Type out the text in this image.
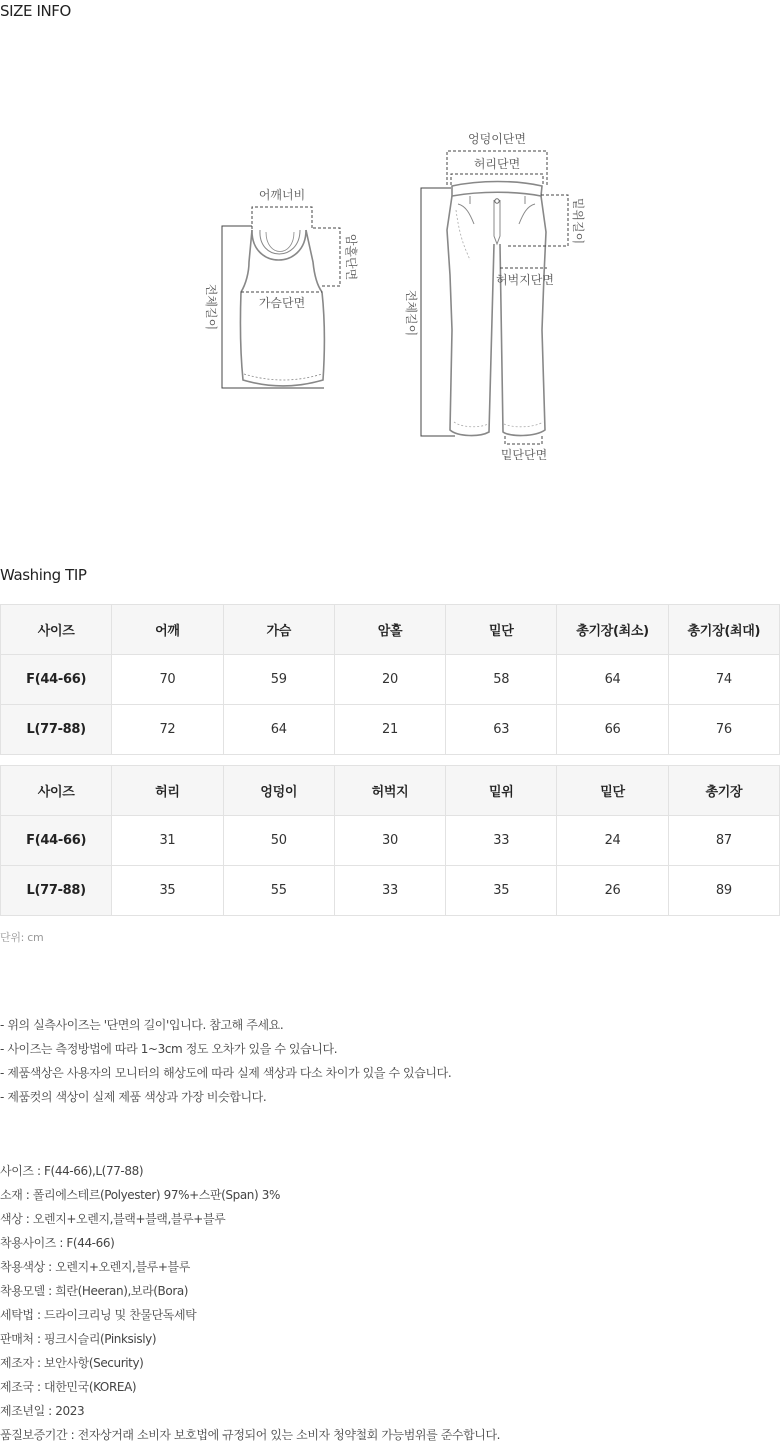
SIZE INFO
어깨너비
가슴단면
암홀단면
전체길이
엉덩이단면
허리단면
밑위길이
허벅지단면
전체길이
밑단단면
Washing TIP
사이즈	어깨	가슴	암홀	밑단	총기장(최소)	총기장(최대)
F(44-66)	70	59	20	58	64	74
L(77-88)	72	64	21	63	66	76
사이즈	허리	엉덩이	허벅지	밑위	밑단	총기장
F(44-66)	31	50	30	33	24	87
L(77-88)	35	55	33	35	26	89
단위: cm
- 위의 실측사이즈는 '단면의 길이'입니다. 참고해 주세요.
- 사이즈는 측정방법에 따라 1~3cm 정도 오차가 있을 수 있습니다.
- 제품색상은 사용자의 모니터의 해상도에 따라 실제 색상과 다소 차이가 있을 수 있습니다.
- 제품컷의 색상이 실제 제품 색상과 가장 비슷합니다.
사이즈 : F(44-66),L(77-88)
소재 : 폴리에스테르(Polyester) 97%+스판(Span) 3%
색상 : 오렌지+오렌지,블랙+블랙,블루+블루
착용사이즈 : F(44-66)
착용색상 : 오렌지+오렌지,블루+블루
착용모델 : 희란(Heeran),보라(Bora)
세탁법 : 드라이크리닝 및 찬물단독세탁
판매처 : 핑크시슬리(Pinksisly)
제조자 : 보안사항(Security)
제조국 : 대한민국(KOREA)
제조년일 : 2023
품질보증기간 : 전자상거래 소비자 보호법에 규정되어 있는 소비자 청약철회 가능범위를 준수합니다.
